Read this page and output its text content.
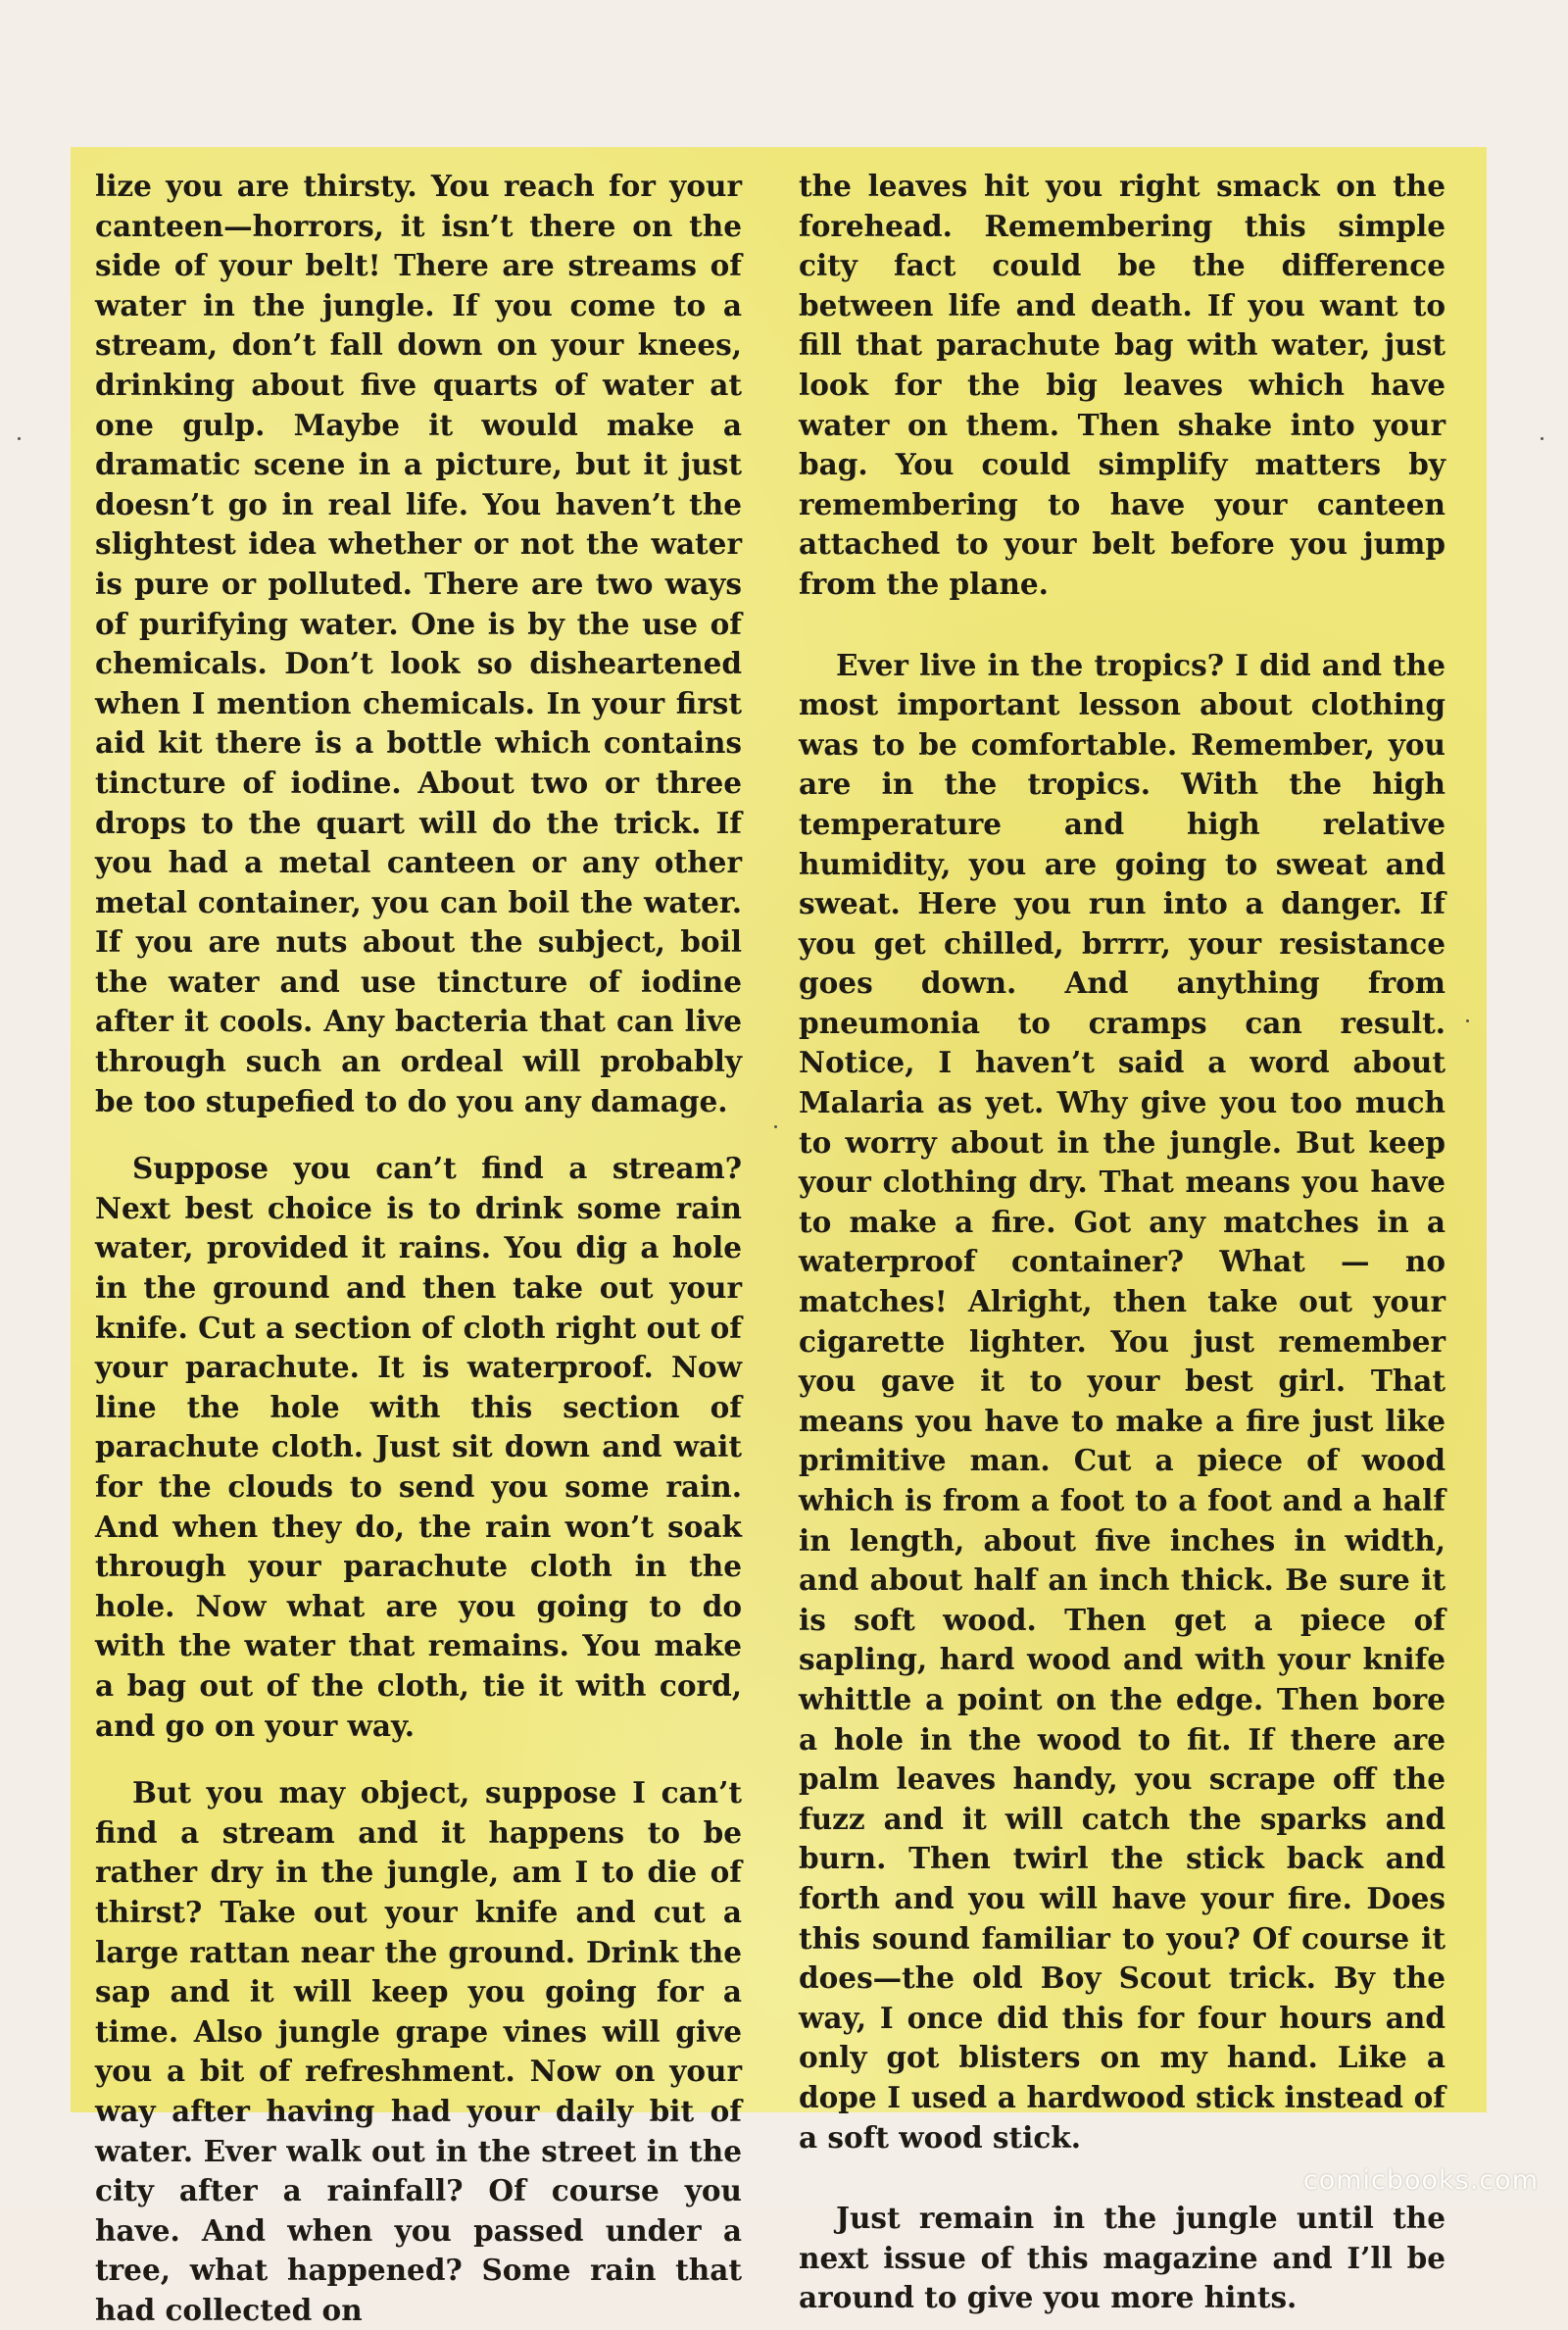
lize you are thirsty. You reach for your canteen—horrors, it isn’t there on the side of your belt! There are streams of water in the jungle. If you come to a stream, don’t fall down on your knees, drinking about five quarts of water at one gulp. Maybe it would make a dramatic scene in a picture, but it just doesn’t go in real life. You haven’t the slightest idea whether or not the water is pure or polluted. There are two ways of purifying water. One is by the use of chemicals. Don’t look so disheartened when I mention chemicals. In your first aid kit there is a bottle which contains tincture of iodine. About two or three drops to the quart will do the trick. If you had a metal canteen or any other metal container, you can boil the water. If you are nuts about the subject, boil the water and use tincture of iodine after it cools. Any bacteria that can live through such an ordeal will probably be too stupefied to do you any damage.

Suppose you can’t find a stream? Next best choice is to drink some rain water, provided it rains. You dig a hole in the ground and then take out your knife. Cut a section of cloth right out of your parachute. It is waterproof. Now line the hole with this section of parachute cloth. Just sit down and wait for the clouds to send you some rain. And when they do, the rain won’t soak through your parachute cloth in the hole. Now what are you going to do with the water that remains. You make a bag out of the cloth, tie it with cord, and go on your way.

But you may object, suppose I can’t find a stream and it happens to be rather dry in the jungle, am I to die of thirst? Take out your knife and cut a large rattan near the ground. Drink the sap and it will keep you going for a time. Also jungle grape vines will give you a bit of refreshment. Now on your way after having had your daily bit of water. Ever walk out in the street in the city after a rainfall? Of course you have. And when you passed under a tree, what happened? Some rain that had collected on

the leaves hit you right smack on the forehead. Remembering this simple city fact could be the difference between life and death. If you want to fill that parachute bag with water, just look for the big leaves which have water on them. Then shake into your bag. You could simplify matters by remembering to have your canteen attached to your belt before you jump from the plane.

Ever live in the tropics? I did and the most important lesson about clothing was to be comfortable. Remember, you are in the tropics. With the high temperature and high relative humidity, you are going to sweat and sweat. Here you run into a danger. If you get chilled, brrrr, your resistance goes down. And anything from pneumonia to cramps can result. Notice, I haven’t said a word about Malaria as yet. Why give you too much to worry about in the jungle. But keep your clothing dry. That means you have to make a fire. Got any matches in a waterproof container? What — no matches! Alright, then take out your cigarette lighter. You just remember you gave it to your best girl. That means you have to make a fire just like primitive man. Cut a piece of wood which is from a foot to a foot and a half in length, about five inches in width, and about half an inch thick. Be sure it is soft wood. Then get a piece of sapling, hard wood and with your knife whittle a point on the edge. Then bore a hole in the wood to fit. If there are palm leaves handy, you scrape off the fuzz and it will catch the sparks and burn. Then twirl the stick back and forth and you will have your fire. Does this sound familiar to you? Of course it does—the old Boy Scout trick. By the way, I once did this for four hours and only got blisters on my hand. Like a dope I used a hardwood stick instead of a soft wood stick.

Just remain in the jungle until the next issue of this magazine and I’ll be around to give you more hints.

comicbooks.com
